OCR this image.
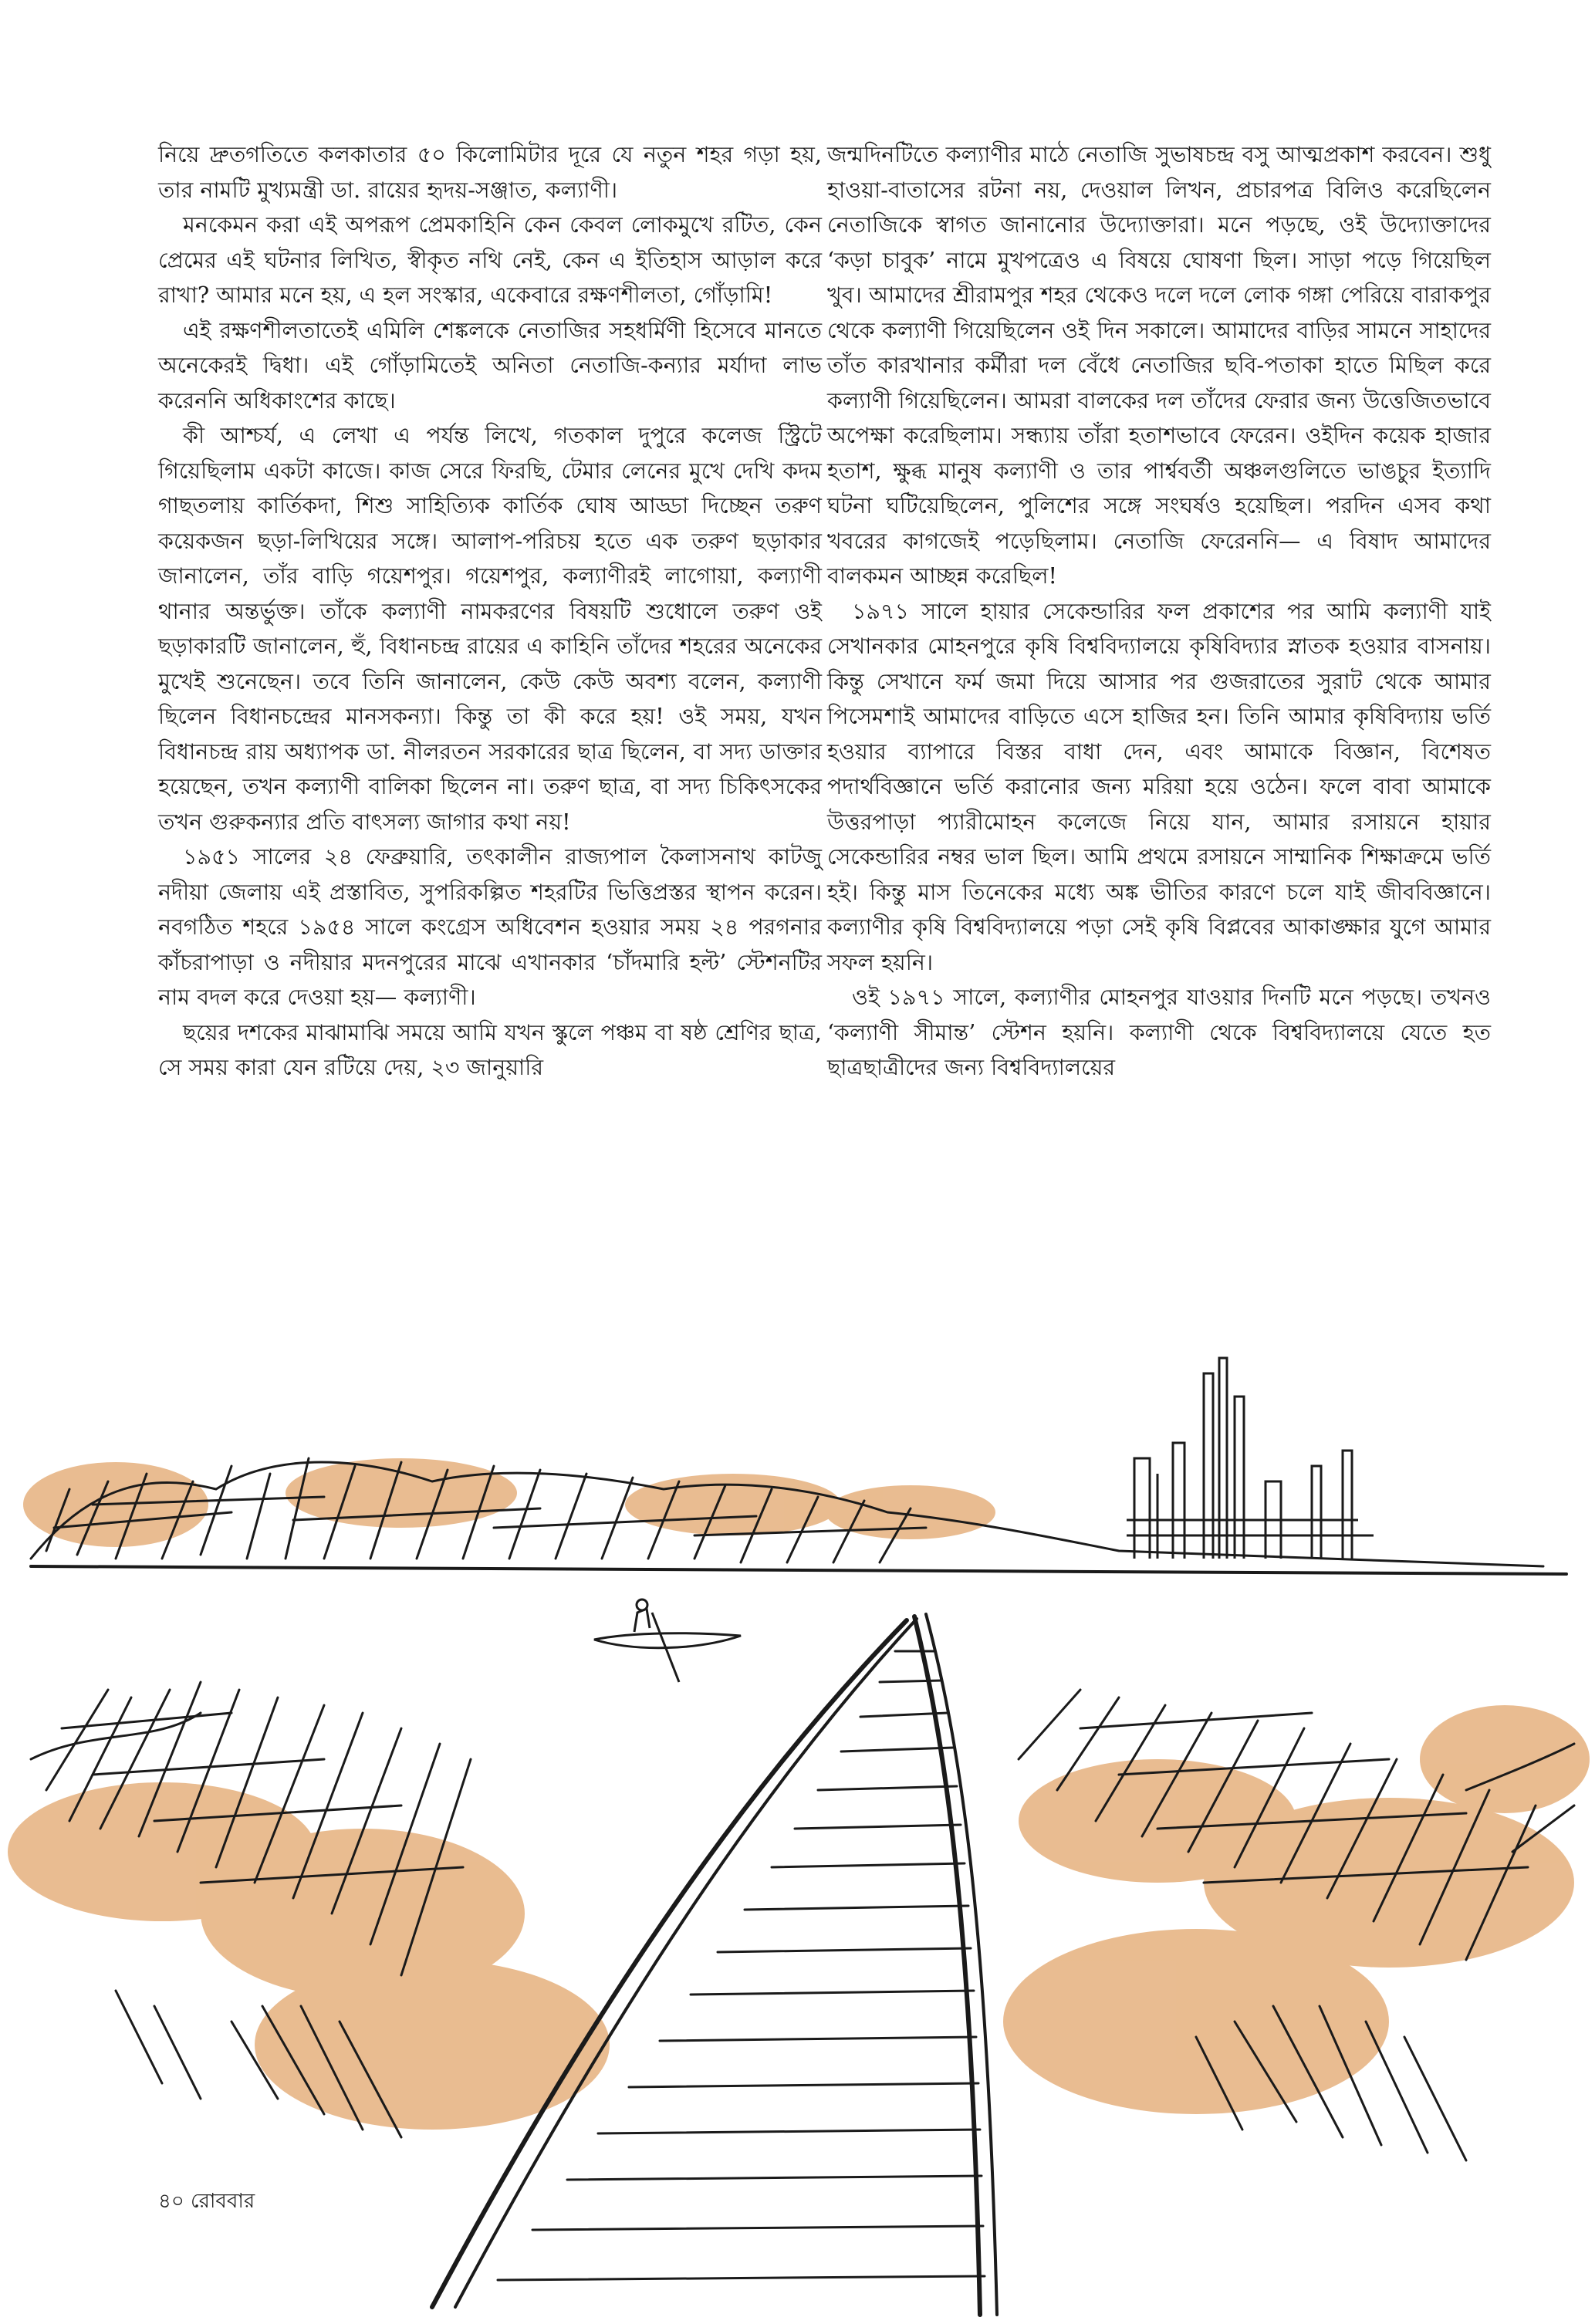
নিয়ে দ্রুতগতিতে কলকাতার ৫০ কিলোমিটার দূরে যে নতুন শহর গড়া হয়, তার নামটি মুখ্যমন্ত্রী ডা. রায়ের হৃদয়-সঞ্জাত, কল্যাণী।

মনকেমন করা এই অপরূপ প্রেমকাহিনি কেন কেবল লোকমুখে রটিত, কেন প্রেমের এই ঘটনার লিখিত, স্বীকৃত নথি নেই, কেন এ ইতিহাস আড়াল করে রাখা? আমার মনে হয়, এ হল সংস্কার, একেবারে রক্ষণশীলতা, গোঁড়ামি!

এই রক্ষণশীলতাতেই এমিলি শেঙ্কলকে নেতাজির সহধর্মিণী হিসেবে মানতে অনেকেরই দ্বিধা। এই গোঁড়ামিতেই অনিতা নেতাজি-কন্যার মর্যাদা লাভ করেননি অধিকাংশের কাছে।

কী আশ্চর্য, এ লেখা এ পর্যন্ত লিখে, গতকাল দুপুরে কলেজ স্ট্রিটে গিয়েছিলাম একটা কাজে। কাজ সেরে ফিরছি, টেমার লেনের মুখে দেখি কদম গাছতলায় কার্তিকদা, শিশু সাহিত্যিক কার্তিক ঘোষ আড্ডা দিচ্ছেন তরুণ কয়েকজন ছড়া-লিখিয়ের সঙ্গে। আলাপ-পরিচয় হতে এক তরুণ ছড়াকার জানালেন, তাঁর বাড়ি গয়েশপুর। গয়েশপুর, কল্যাণীরই লাগোয়া, কল্যাণী থানার অন্তর্ভুক্ত। তাঁকে কল্যাণী নামকরণের বিষয়টি শুধোলে তরুণ ওই ছড়াকারটি জানালেন, হুঁ, বিধানচন্দ্র রায়ের এ কাহিনি তাঁদের শহরের অনেকের মুখেই শুনেছেন। তবে তিনি জানালেন, কেউ কেউ অবশ্য বলেন, কল্যাণী ছিলেন বিধানচন্দ্রের মানসকন্যা। কিন্তু তা কী করে হয়! ওই সময়, যখন বিধানচন্দ্র রায় অধ্যাপক ডা. নীলরতন সরকারের ছাত্র ছিলেন, বা সদ্য ডাক্তার হয়েছেন, তখন কল্যাণী বালিকা ছিলেন না। তরুণ ছাত্র, বা সদ্য চিকিৎসকের তখন গুরুকন্যার প্রতি বাৎসল্য জাগার কথা নয়!

১৯৫১ সালের ২৪ ফেব্রুয়ারি, তৎকালীন রাজ্যপাল কৈলাসনাথ কাটজু নদীয়া জেলায় এই প্রস্তাবিত, সুপরিকল্পিত শহরটির ভিত্তিপ্রস্তর স্থাপন করেন। নবগঠিত শহরে ১৯৫৪ সালে কংগ্রেস অধিবেশন হওয়ার সময় ২৪ পরগনার কাঁচরাপাড়া ও নদীয়ার মদনপুরের মাঝে এখানকার ‘চাঁদমারি হল্ট’ স্টেশনটির নাম বদল করে দেওয়া হয়— কল্যাণী।

ছয়ের দশকের মাঝামাঝি সময়ে আমি যখন স্কুলে পঞ্চম বা ষষ্ঠ শ্রেণির ছাত্র, সে সময় কারা যেন রটিয়ে দেয়, ২৩ জানুয়ারি

জন্মদিনটিতে কল্যাণীর মাঠে নেতাজি সুভাষচন্দ্র বসু আত্মপ্রকাশ করবেন। শুধু হাওয়া-বাতাসের রটনা নয়, দেওয়াল লিখন, প্রচারপত্র বিলিও করেছিলেন নেতাজিকে স্বাগত জানানোর উদ্যোক্তারা। মনে পড়ছে, ওই উদ্যোক্তাদের ‘কড়া চাবুক’ নামে মুখপত্রেও এ বিষয়ে ঘোষণা ছিল। সাড়া পড়ে গিয়েছিল খুব। আমাদের শ্রীরামপুর শহর থেকেও দলে দলে লোক গঙ্গা পেরিয়ে বারাকপুর থেকে কল্যাণী গিয়েছিলেন ওই দিন সকালে। আমাদের বাড়ির সামনে সাহাদের তাঁত কারখানার কর্মীরা দল বেঁধে নেতাজির ছবি-পতাকা হাতে মিছিল করে কল্যাণী গিয়েছিলেন। আমরা বালকের দল তাঁদের ফেরার জন্য উত্তেজিতভাবে অপেক্ষা করেছিলাম। সন্ধ্যায় তাঁরা হতাশভাবে ফেরেন। ওইদিন কয়েক হাজার হতাশ, ক্ষুব্ধ মানুষ কল্যাণী ও তার পার্শ্ববর্তী অঞ্চলগুলিতে ভাঙচুর ইত্যাদি ঘটনা ঘটিয়েছিলেন, পুলিশের সঙ্গে সংঘর্ষও হয়েছিল। পরদিন এসব কথা খবরের কাগজেই পড়েছিলাম। নেতাজি ফেরেননি— এ বিষাদ আমাদের বালকমন আচ্ছন্ন করেছিল!

১৯৭১ সালে হায়ার সেকেন্ডারির ফল প্রকাশের পর আমি কল্যাণী যাই সেখানকার মোহনপুরে কৃষি বিশ্ববিদ্যালয়ে কৃষিবিদ্যার স্নাতক হওয়ার বাসনায়। কিন্তু সেখানে ফর্ম জমা দিয়ে আসার পর গুজরাতের সুরাট থেকে আমার পিসেমশাই আমাদের বাড়িতে এসে হাজির হন। তিনি আমার কৃষিবিদ্যায় ভর্তি হওয়ার ব্যাপারে বিস্তর বাধা দেন, এবং আমাকে বিজ্ঞান, বিশেষত পদার্থবিজ্ঞানে ভর্তি করানোর জন্য মরিয়া হয়ে ওঠেন। ফলে বাবা আমাকে উত্তরপাড়া প্যারীমোহন কলেজে নিয়ে যান, আমার রসায়নে হায়ার সেকেন্ডারির নম্বর ভাল ছিল। আমি প্রথমে রসায়নে সাম্মানিক শিক্ষাক্রমে ভর্তি হই। কিন্তু মাস তিনেকের মধ্যে অঙ্ক ভীতির কারণে চলে যাই জীববিজ্ঞানে। কল্যাণীর কৃষি বিশ্ববিদ্যালয়ে পড়া সেই কৃষি বিপ্লবের আকাঙ্ক্ষার যুগে আমার সফল হয়নি।

ওই ১৯৭১ সালে, কল্যাণীর মোহনপুর যাওয়ার দিনটি মনে পড়ছে। তখনও ‘কল্যাণী সীমান্ত’ স্টেশন হয়নি। কল্যাণী থেকে বিশ্ববিদ্যালয়ে যেতে হত ছাত্রছাত্রীদের জন্য বিশ্ববিদ্যালয়ের

৪০ রোববার
